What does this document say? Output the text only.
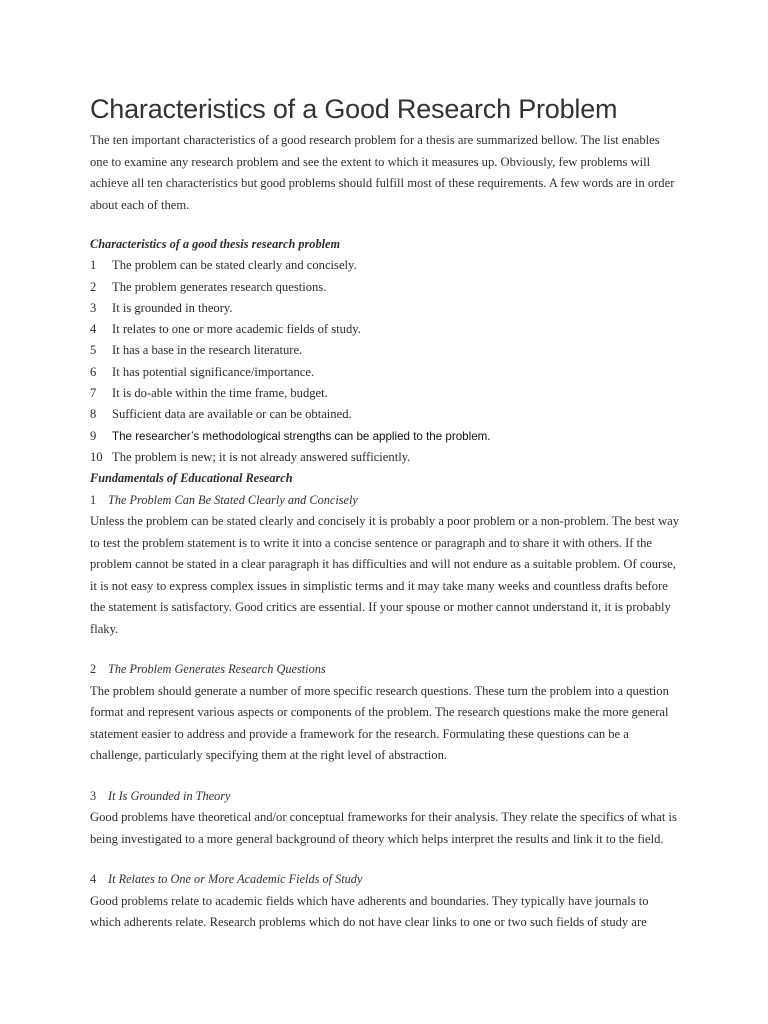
Characteristics of a Good Research Problem

The ten important characteristics of a good research problem for a thesis are summarized bellow. The list enables one to examine any research problem and see the extent to which it measures up. Obviously, few problems will achieve all ten characteristics but good problems should fulfill most of these requirements. A few words are in order about each of them.

Characteristics of a good thesis research problem

1	The problem can be stated clearly and concisely.
2	The problem generates research questions.
3	It is grounded in theory.
4	It relates to one or more academic fields of study.
5	It has a base in the research literature.
6	It has potential significance/importance.
7	It is do-able within the time frame, budget.
8	Sufficient data are available or can be obtained.
9	The researcher’s methodological strengths can be applied to the problem.
10 The problem is new; it is not already answered sufficiently.

Fundamentals of Educational Research

1 The Problem Can Be Stated Clearly and Concisely

Unless the problem can be stated clearly and concisely it is probably a poor problem or a non-problem. The best way to test the problem statement is to write it into a concise sentence or paragraph and to share it with others. If the problem cannot be stated in a clear paragraph it has difficulties and will not endure as a suitable problem. Of course, it is not easy to express complex issues in simplistic terms and it may take many weeks and countless drafts before the statement is satisfactory. Good critics are essential. If your spouse or mother cannot understand it, it is probably flaky.

2 The Problem Generates Research Questions

The problem should generate a number of more specific research questions. These turn the problem into a question format and represent various aspects or components of the problem. The research questions make the more general statement easier to address and provide a framework for the research. Formulating these questions can be a challenge, particularly specifying them at the right level of abstraction.

3 It Is Grounded in Theory

Good problems have theoretical and/or conceptual frameworks for their analysis. They relate the specifics of what is being investigated to a more general background of theory which helps interpret the results and link it to the field.

4 It Relates to One or More Academic Fields of Study

Good problems relate to academic fields which have adherents and boundaries. They typically have journals to which adherents relate. Research problems which do not have clear links to one or two such fields of study are
